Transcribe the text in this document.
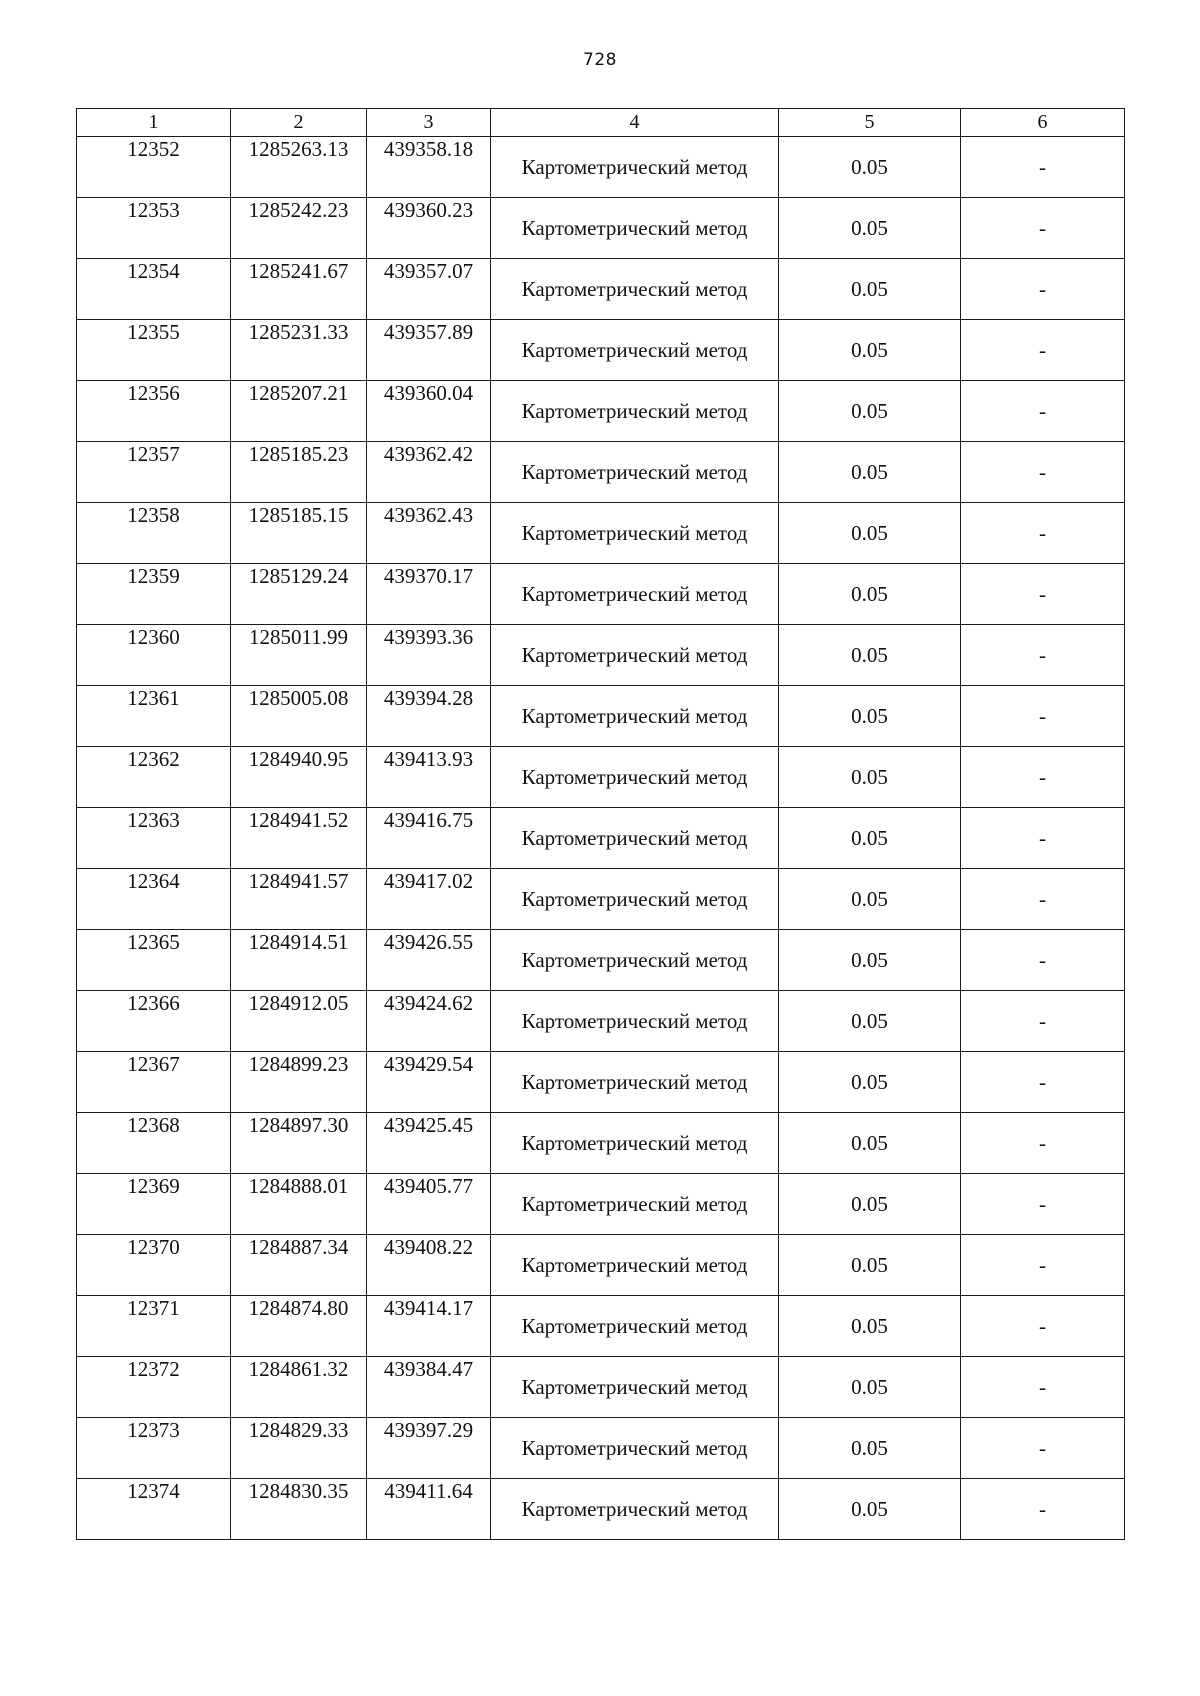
728
1	2	3	4	5	6
12352	1285263.13	439358.18	Картометрический метод	0.05	-
12353	1285242.23	439360.23	Картометрический метод	0.05	-
12354	1285241.67	439357.07	Картометрический метод	0.05	-
12355	1285231.33	439357.89	Картометрический метод	0.05	-
12356	1285207.21	439360.04	Картометрический метод	0.05	-
12357	1285185.23	439362.42	Картометрический метод	0.05	-
12358	1285185.15	439362.43	Картометрический метод	0.05	-
12359	1285129.24	439370.17	Картометрический метод	0.05	-
12360	1285011.99	439393.36	Картометрический метод	0.05	-
12361	1285005.08	439394.28	Картометрический метод	0.05	-
12362	1284940.95	439413.93	Картометрический метод	0.05	-
12363	1284941.52	439416.75	Картометрический метод	0.05	-
12364	1284941.57	439417.02	Картометрический метод	0.05	-
12365	1284914.51	439426.55	Картометрический метод	0.05	-
12366	1284912.05	439424.62	Картометрический метод	0.05	-
12367	1284899.23	439429.54	Картометрический метод	0.05	-
12368	1284897.30	439425.45	Картометрический метод	0.05	-
12369	1284888.01	439405.77	Картометрический метод	0.05	-
12370	1284887.34	439408.22	Картометрический метод	0.05	-
12371	1284874.80	439414.17	Картометрический метод	0.05	-
12372	1284861.32	439384.47	Картометрический метод	0.05	-
12373	1284829.33	439397.29	Картометрический метод	0.05	-
12374	1284830.35	439411.64	Картометрический метод	0.05	-
